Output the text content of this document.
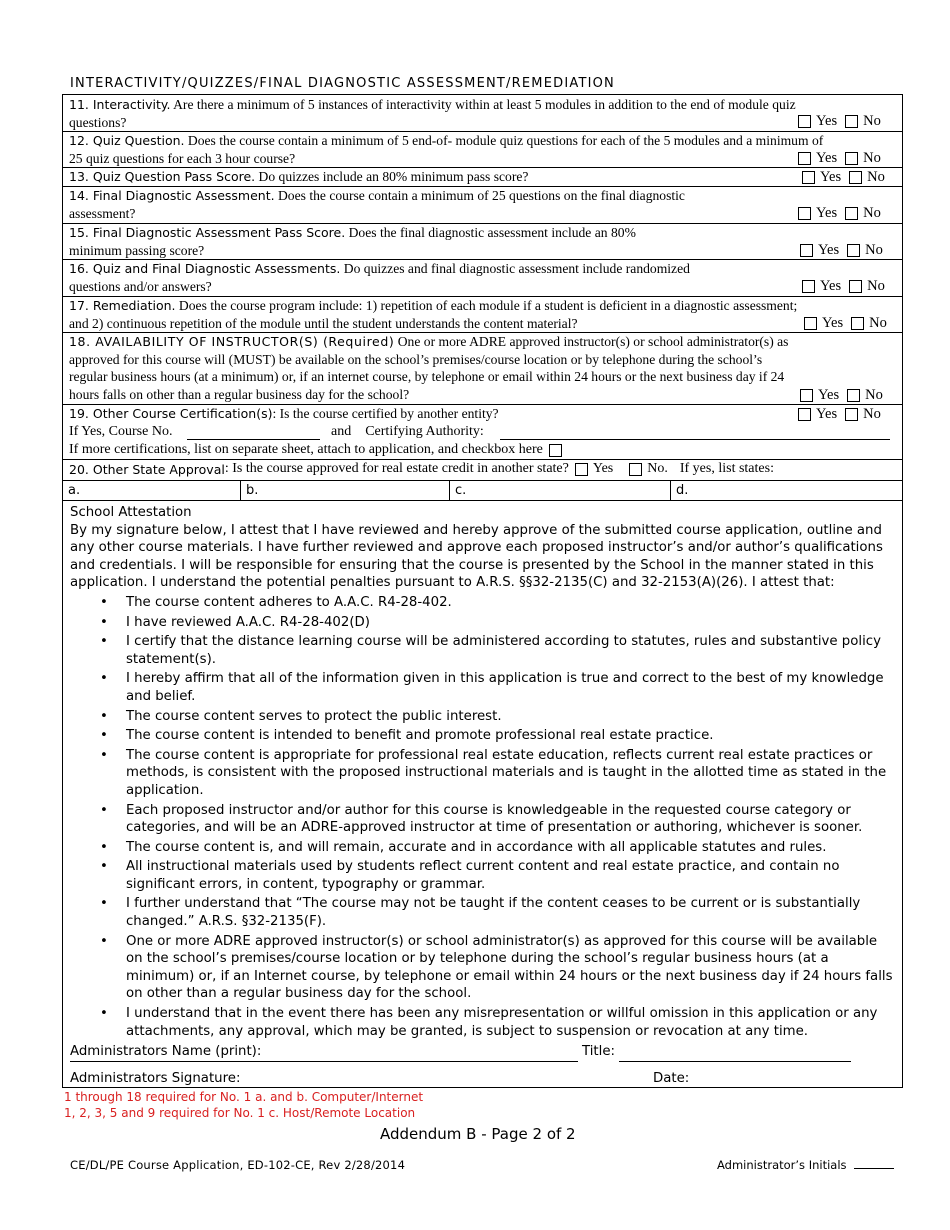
INTERACTIVITY/QUIZZES/FINAL DIAGNOSTIC ASSESSMENT/REMEDIATION
11. Interactivity. Are there a minimum of 5 instances of interactivity within at least 5 modules in addition to the end of module quiz questions?	Yes No
12. Quiz Question. Does the course contain a minimum of 5 end-of- module quiz questions for each of the 5 modules and a minimum of 25 quiz questions for each 3 hour course?	Yes No
13. Quiz Question Pass Score. Do quizzes include an 80% minimum pass score?	Yes No
14. Final Diagnostic Assessment. Does the course contain a minimum of 25 questions on the final diagnostic assessment?	Yes No
15. Final Diagnostic Assessment Pass Score. Does the final diagnostic assessment include an 80% minimum passing score?	Yes No
16. Quiz and Final Diagnostic Assessments. Do quizzes and final diagnostic assessment include randomized questions and/or answers?	Yes No
17. Remediation. Does the course program include: 1) repetition of each module if a student is deficient in a diagnostic assessment; and 2) continuous repetition of the module until the student understands the content material?	Yes No
18. AVAILABILITY OF INSTRUCTOR(S) (Required) One or more ADRE approved instructor(s) or school administrator(s) as approved for this course will (MUST) be available on the school’s premises/course location or by telephone during the school’s regular business hours (at a minimum) or, if an internet course, by telephone or email within 24 hours or the next business day if 24 hours falls on other than a regular business day for the school?	Yes No
19. Other Course Certification(s): Is the course certified by another entity?	Yes No
If Yes, Course No.	and Certifying Authority:
If more certifications, list on separate sheet, attach to application, and checkbox here
20. Other State Approval : Is the course approved for real estate credit in another state? Yes No. If yes, list states:
a.	b.	c.	d.

School Attestation

By my signature below, I attest that I have reviewed and hereby approve of the submitted course application, outline and any other course materials. I have further reviewed and approve each proposed instructor’s and/or author’s qualifications and credentials. I will be responsible for ensuring that the course is presented by the School in the manner stated in this application. I understand the potential penalties pursuant to A.R.S. §§32-2135(C) and 32-2153(A)(26). I attest that:

• The course content adheres to A.A.C. R4-28-402.
• I have reviewed A.A.C. R4-28-402(D)
• I certify that the distance learning course will be administered according to statutes, rules and substantive policy statement(s).
• I hereby affirm that all of the information given in this application is true and correct to the best of my knowledge and belief.
• The course content serves to protect the public interest.
• The course content is intended to benefit and promote professional real estate practice.
• The course content is appropriate for professional real estate education, reflects current real estate practices or methods, is consistent with the proposed instructional materials and is taught in the allotted time as stated in the application.
• Each proposed instructor and/or author for this course is knowledgeable in the requested course category or categories, and will be an ADRE-approved instructor at time of presentation or authoring, whichever is sooner.
• The course content is, and will remain, accurate and in accordance with all applicable statutes and rules.
• All instructional materials used by students reflect current content and real estate practice, and contain no significant errors, in content, typography or grammar.
• I further understand that “The course may not be taught if the content ceases to be current or is substantially changed.” A.R.S. §32-2135(F).
• One or more ADRE approved instructor(s) or school administrator(s) as approved for this course will be available on the school’s premises/course location or by telephone during the school’s regular business hours (at a minimum) or, if an Internet course, by telephone or email within 24 hours or the next business day if 24 hours falls on other than a regular business day for the school.
• I understand that in the event there has been any misrepresentation or willful omission in this application or any attachments, any approval, which may be granted, is subject to suspension or revocation at any time.
Administrators Name (print):	Title:
Administrators Signature:	Date:
1 through 18 required for No. 1 a. and b. Computer/Internet
1, 2, 3, 5 and 9 required for No. 1 c. Host/Remote Location
Addendum B - Page 2 of 2
CE/DL/PE Course Application, ED-102-CE, Rev 2/28/2014	Administrator’s Initials
